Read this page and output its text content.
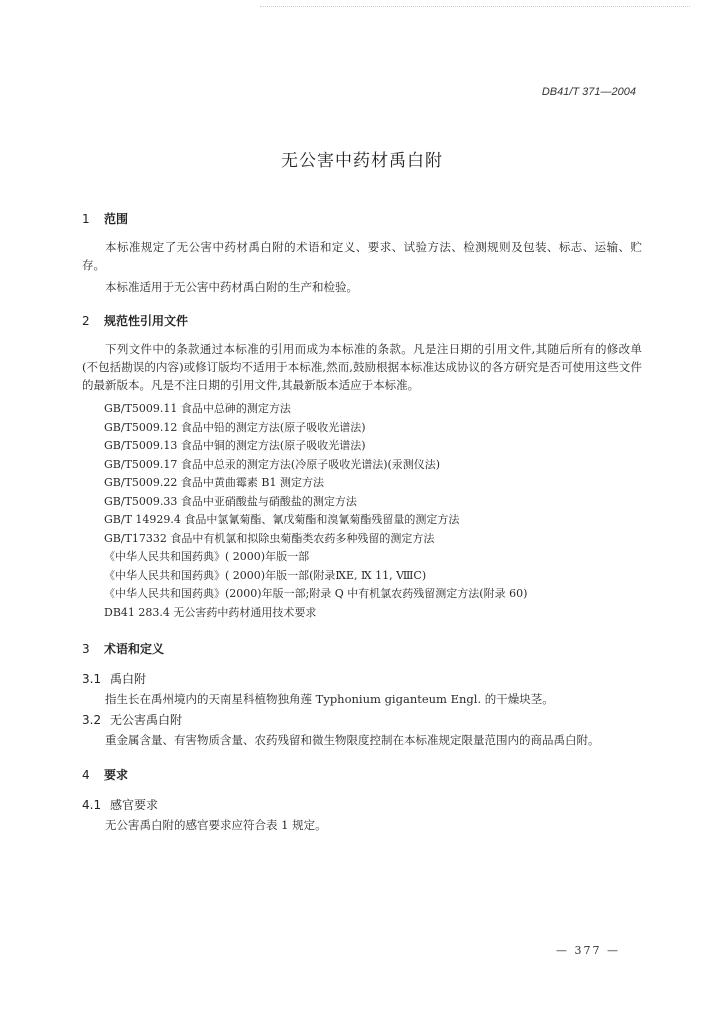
DB41/T 371—2004
无公害中药材禹白附
1 范围
本标准规定了无公害中药材禹白附的术语和定义、要求、试验方法、检测规则及包装、标志、运输、贮存。
本标准适用于无公害中药材禹白附的生产和检验。
2 规范性引用文件
下列文件中的条款通过本标准的引用而成为本标准的条款。凡是注日期的引用文件,其随后所有的修改单(不包括勘误的内容)或修订版均不适用于本标准,然而,鼓励根据本标准达成协议的各方研究是否可使用这些文件的最新版本。凡是不注日期的引用文件,其最新版本适应于本标准。
GB/T5009.11 食品中总砷的测定方法
GB/T5009.12 食品中铅的测定方法(原子吸收光谱法)
GB/T5009.13 食品中铜的测定方法(原子吸收光谱法)
GB/T5009.17 食品中总汞的测定方法(冷原子吸收光谱法)(汞测仪法)
GB/T5009.22 食品中黄曲霉素 B1 测定方法
GB/T5009.33 食品中亚硝酸盐与硝酸盐的测定方法
GB/T 14929.4 食品中氯氰菊酯、氰戊菊酯和溴氰菊酯残留量的测定方法
GB/T17332 食品中有机氯和拟除虫菊酯类农药多种残留的测定方法
《中华人民共和国药典》( 2000)年版一部
《中华人民共和国药典》( 2000)年版一部(附录ⅨE, Ⅸ 11, ⅧC)
《中华人民共和国药典》(2000)年版一部;附录 Q 中有机氯农药残留测定方法(附录 60)
DB41 283.4 无公害药中药材通用技术要求
3 术语和定义
3.1 禹白附
指生长在禹州境内的天南星科植物独角莲 Typhonium giganteum Engl. 的干燥块茎。
3.2 无公害禹白附
重金属含量、有害物质含量、农药残留和微生物限度控制在本标准规定限量范围内的商品禹白附。
4 要求
4.1 感官要求
无公害禹白附的感官要求应符合表 1 规定。
— 377 —
